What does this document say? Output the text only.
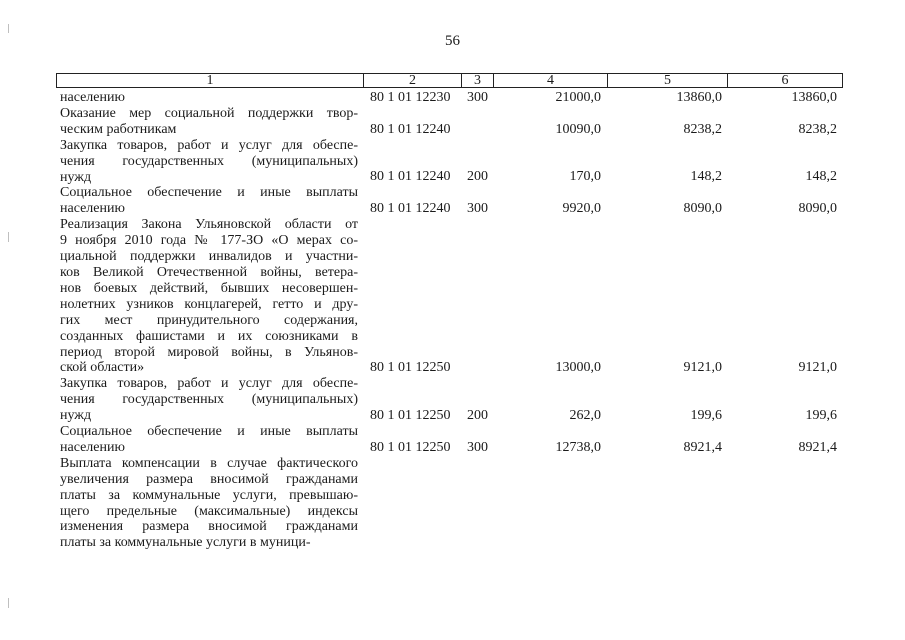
56
1	2	3	4	5	6
населению	80 1 01 12230 300	21000,0	13860,0	13860,0
Оказание мер социальной поддержки твор-
ческим работникам	80 1 01 12240	10090,0	8238,2	8238,2
Закупка товаров, работ и услуг для обеспе-
чения государственных (муниципальных)
нужд	80 1 01 12240 200	170,0	148,2	148,2
Социальное обеспечение и иные выплаты
населению	80 1 01 12240 300	9920,0	8090,0	8090,0
Реализация Закона Ульяновской области от
9 ноября 2010 года № 177-ЗО «О мерах со-
циальной поддержки инвалидов и участни-
ков Великой Отечественной войны, ветера-
нов боевых действий, бывших несовершен-
нолетних узников концлагерей, гетто и дру-
гих мест принудительного содержания,
созданных фашистами и их союзниками в
период второй мировой войны, в Ульянов-
ской области»	80 1 01 12250	13000,0	9121,0	9121,0
Закупка товаров, работ и услуг для обеспе-
чения государственных (муниципальных)
нужд	80 1 01 12250 200	262,0	199,6	199,6
Социальное обеспечение и иные выплаты
населению	80 1 01 12250 300	12738,0	8921,4	8921,4
Выплата компенсации в случае фактического
увеличения размера вносимой гражданами
платы за коммунальные услуги, превышаю-
щего предельные (максимальные) индексы
изменения размера вносимой гражданами
платы за коммунальные услуги в муници-
